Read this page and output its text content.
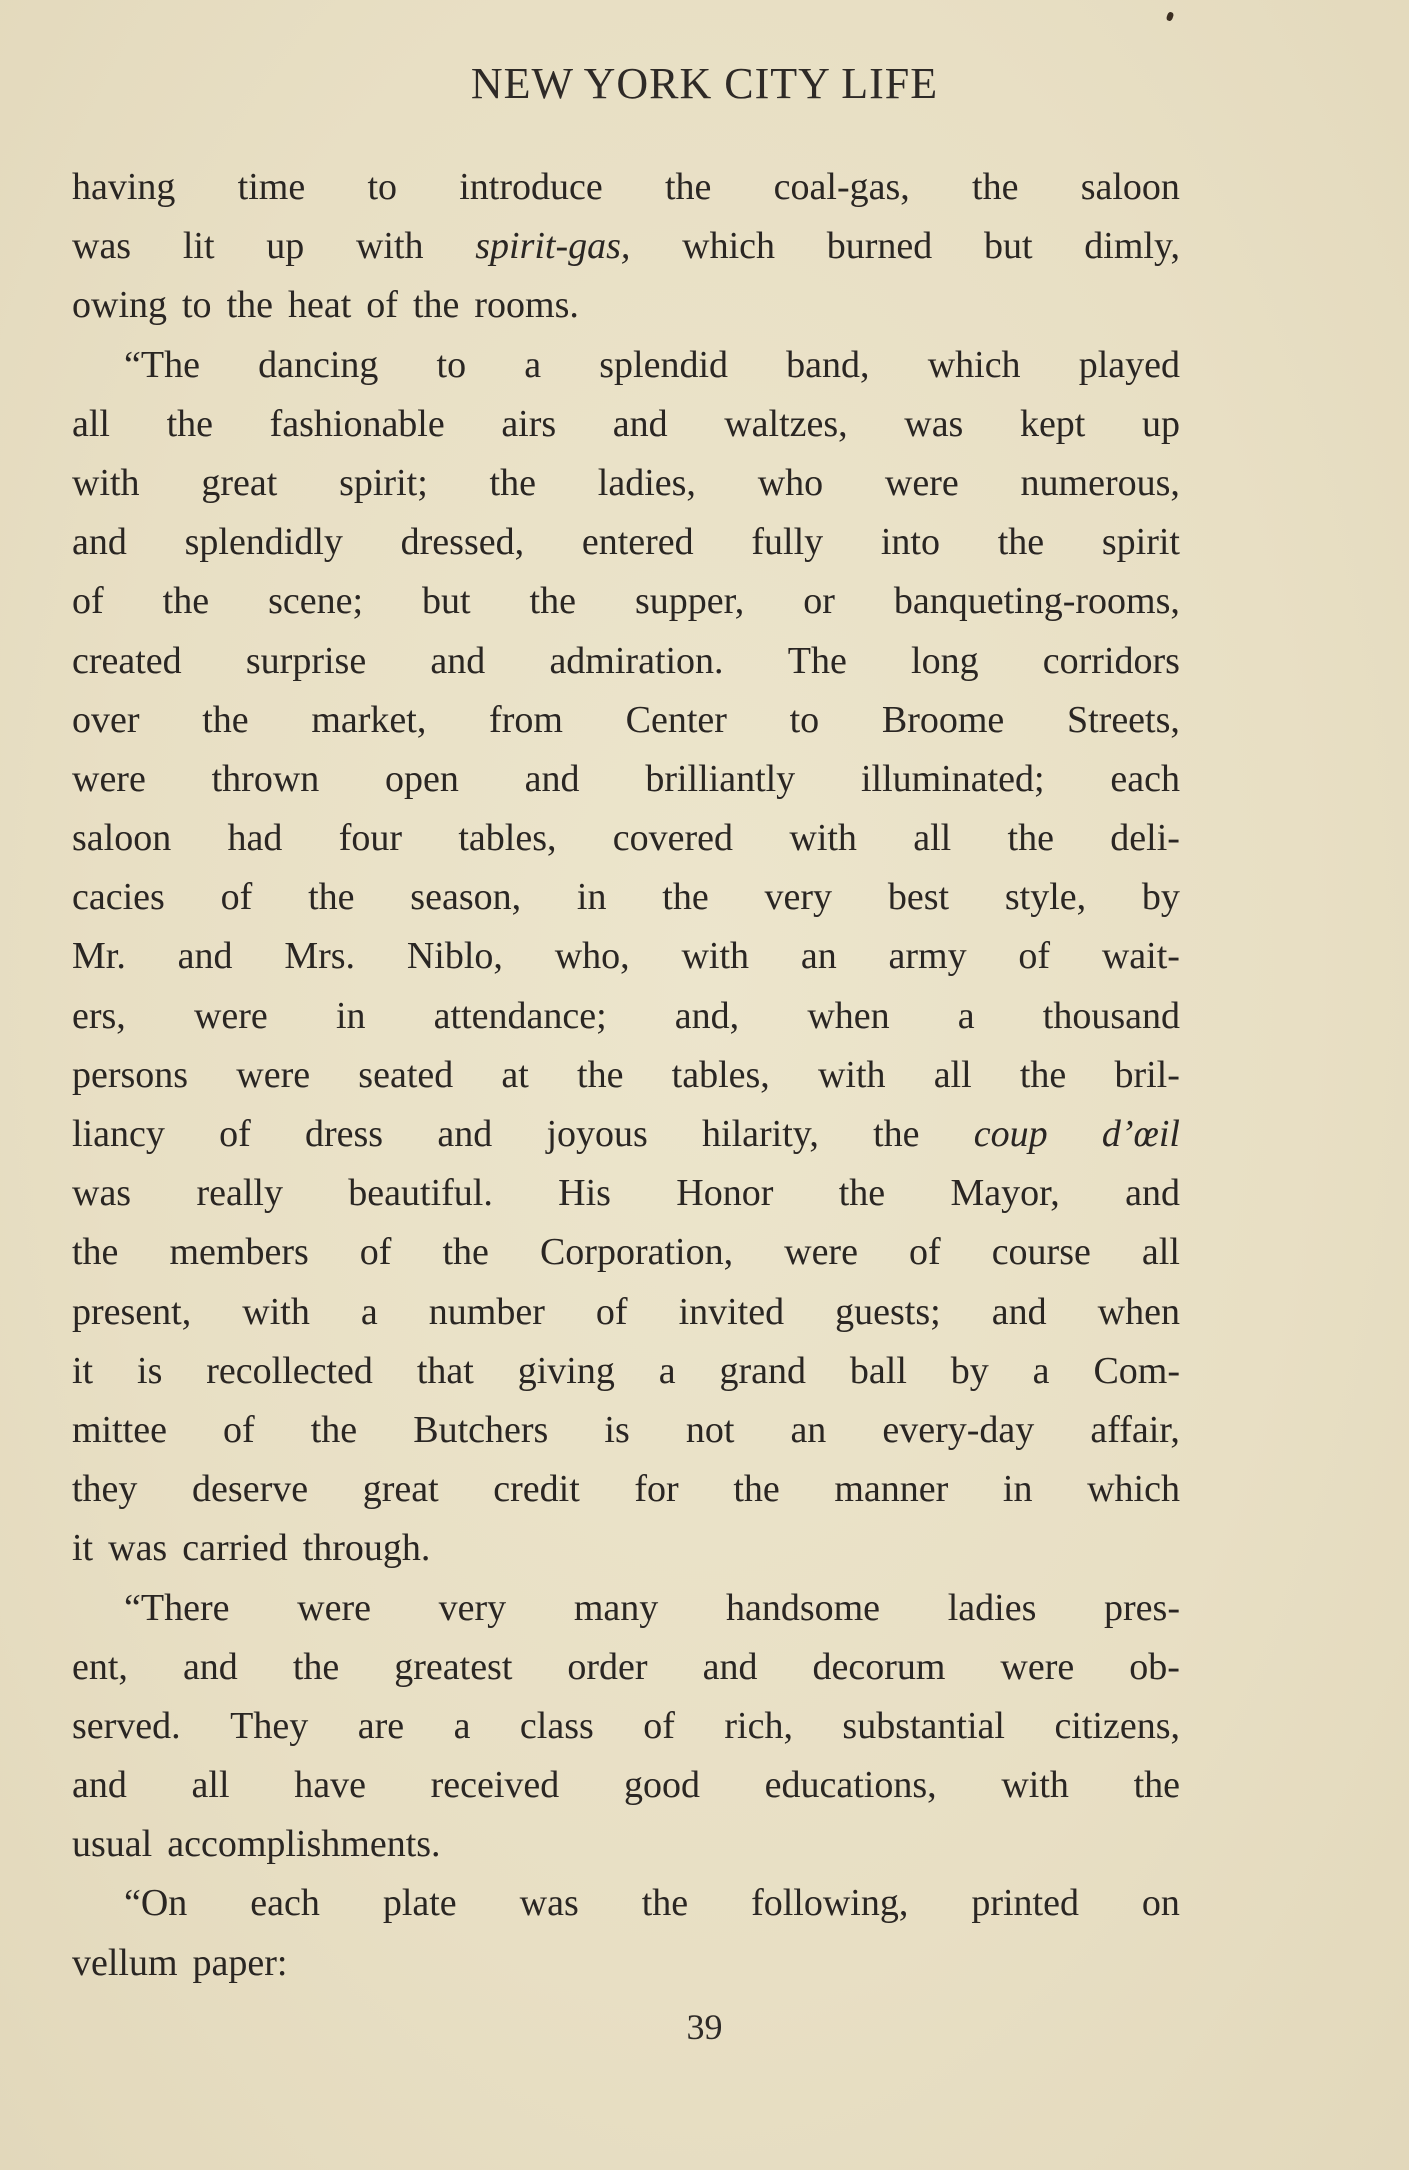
NEW YORK CITY LIFE
having time to introduce the coal-gas, the saloon
was lit up with spirit-gas, which burned but dimly,
owing to the heat of the rooms.
“The dancing to a splendid band, which played
all the fashionable airs and waltzes, was kept up
with great spirit; the ladies, who were numerous,
and splendidly dressed, entered fully into the spirit
of the scene; but the supper, or banqueting-rooms,
created surprise and admiration. The long corridors
over the market, from Center to Broome Streets,
were thrown open and brilliantly illuminated; each
saloon had four tables, covered with all the deli-
cacies of the season, in the very best style, by
Mr. and Mrs. Niblo, who, with an army of wait-
ers, were in attendance; and, when a thousand
persons were seated at the tables, with all the bril-
liancy of dress and joyous hilarity, the coup d’œil
was really beautiful. His Honor the Mayor, and
the members of the Corporation, were of course all
present, with a number of invited guests; and when
it is recollected that giving a grand ball by a Com-
mittee of the Butchers is not an every-day affair,
they deserve great credit for the manner in which
it was carried through.
“There were very many handsome ladies pres-
ent, and the greatest order and decorum were ob-
served. They are a class of rich, substantial citizens,
and all have received good educations, with the
usual accomplishments.
“On each plate was the following, printed on
vellum paper:
39
